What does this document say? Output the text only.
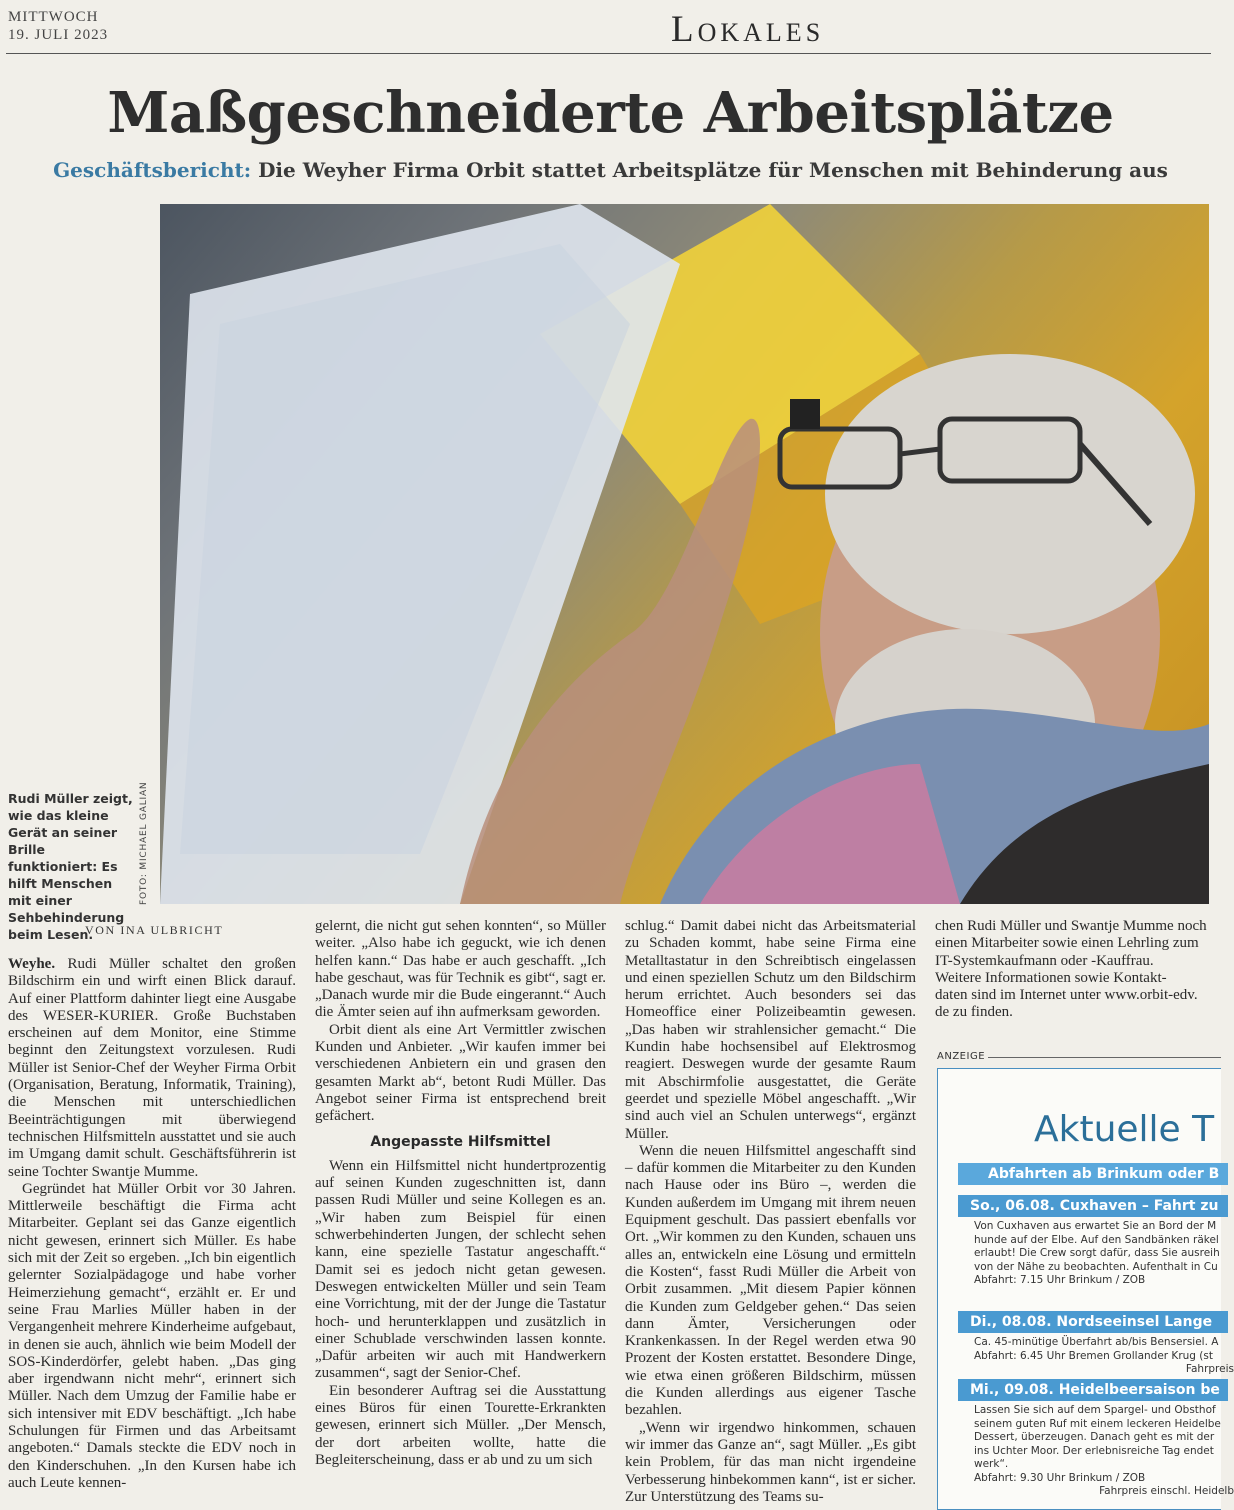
MITTWOCH
19. JULI 2023	Lokales
Maßgeschneiderte Arbeitsplätze
Geschäftsbericht: Die Weyher Firma Orbit stattet Arbeitsplätze für Menschen mit Behinderung aus
Rudi Müller zeigt, wie das kleine Gerät an seiner Brille funktioniert: Es hilft Menschen mit einer Sehbehinderung beim Lesen.
FOTO: MICHAEL GALIAN
VON INA ULBRICHT

Weyhe. Rudi Müller schaltet den großen Bildschirm ein und wirft einen Blick darauf. Auf einer Plattform dahinter liegt eine Ausgabe des WESER-KURIER. Große Buchstaben erscheinen auf dem Monitor, eine Stimme beginnt den Zeitungstext vorzulesen. Rudi Müller ist Senior-Chef der Weyher Firma Orbit (Organisation, Beratung, Informatik, Training), die Menschen mit unterschiedlichen Beeinträchtigungen mit überwiegend technischen Hilfsmitteln ausstattet und sie auch im Umgang damit schult. Geschäftsführerin ist seine Tochter Swantje Mumme.

Gegründet hat Müller Orbit vor 30 Jahren. Mittlerweile beschäftigt die Firma acht Mitarbeiter. Geplant sei das Ganze eigentlich nicht gewesen, erinnert sich Müller. Es habe sich mit der Zeit so ergeben. „Ich bin eigentlich gelernter Sozialpädagoge und habe vorher Heimerziehung gemacht“, erzählt er. Er und seine Frau Marlies Müller haben in der Vergangenheit mehrere Kinderheime aufgebaut, in denen sie auch, ähnlich wie beim Modell der SOS-Kinderdörfer, gelebt haben. „Das ging aber irgendwann nicht mehr“, erinnert sich Müller. Nach dem Umzug der Familie habe er sich intensiver mit EDV beschäftigt. „Ich habe Schulungen für Firmen und das Arbeitsamt angeboten.“ Damals steckte die EDV noch in den Kinderschuhen. „In den Kursen habe ich auch Leute kennen-

gelernt, die nicht gut sehen konnten“, so Müller weiter. „Also habe ich geguckt, wie ich denen helfen kann.“ Das habe er auch geschafft. „Ich habe geschaut, was für Technik es gibt“, sagt er. „Danach wurde mir die Bude eingerannt.“ Auch die Ämter seien auf ihn aufmerksam geworden.

Orbit dient als eine Art Vermittler zwischen Kunden und Anbieter. „Wir kaufen immer bei verschiedenen Anbietern ein und grasen den gesamten Markt ab“, betont Rudi Müller. Das Angebot seiner Firma ist entsprechend breit gefächert.

Angepasste Hilfsmittel

Wenn ein Hilfsmittel nicht hundertprozentig auf seinen Kunden zugeschnitten ist, dann passen Rudi Müller und seine Kollegen es an. „Wir haben zum Beispiel für einen schwerbehinderten Jungen, der schlecht sehen kann, eine spezielle Tastatur angeschafft.“ Damit sei es jedoch nicht getan gewesen. Deswegen entwickelten Müller und sein Team eine Vorrichtung, mit der der Junge die Tastatur hoch- und herunterklappen und zusätzlich in einer Schublade verschwinden lassen konnte. „Dafür arbeiten wir auch mit Handwerkern zusammen“, sagt der Senior-Chef.

Ein besonderer Auftrag sei die Ausstattung eines Büros für einen Tourette-Erkrankten gewesen, erinnert sich Müller. „Der Mensch, der dort arbeiten wollte, hatte die Begleiterscheinung, dass er ab und zu um sich

schlug.“ Damit dabei nicht das Arbeitsmaterial zu Schaden kommt, habe seine Firma eine Metalltastatur in den Schreibtisch eingelassen und einen speziellen Schutz um den Bildschirm herum errichtet. Auch besonders sei das Homeoffice einer Polizeibeamtin gewesen. „Das haben wir strahlensicher gemacht.“ Die Kundin habe hochsensibel auf Elektrosmog reagiert. Deswegen wurde der gesamte Raum mit Abschirmfolie ausgestattet, die Geräte geerdet und spezielle Möbel angeschafft. „Wir sind auch viel an Schulen unterwegs“, ergänzt Müller.

Wenn die neuen Hilfsmittel angeschafft sind – dafür kommen die Mitarbeiter zu den Kunden nach Hause oder ins Büro –, werden die Kunden außerdem im Umgang mit ihrem neuen Equipment geschult. Das passiert ebenfalls vor Ort. „Wir kommen zu den Kunden, schauen uns alles an, entwickeln eine Lösung und ermitteln die Kosten“, fasst Rudi Müller die Arbeit von Orbit zusammen. „Mit diesem Papier können die Kunden zum Geldgeber gehen.“ Das seien dann Ämter, Versicherungen oder Krankenkassen. In der Regel werden etwa 90 Prozent der Kosten erstattet. Besondere Dinge, wie etwa einen größeren Bildschirm, müssen die Kunden allerdings aus eigener Tasche bezahlen.

„Wenn wir irgendwo hinkommen, schauen wir immer das Ganze an“, sagt Müller. „Es gibt kein Problem, für das man nicht irgendeine Verbesserung hinbekommen kann“, ist er sicher. Zur Unterstützung des Teams su-

chen Rudi Müller und Swantje Mumme noch
einen Mitarbeiter sowie einen Lehrling zum
IT-Systemkaufmann oder -Kauffrau.
Weitere Informationen sowie Kontakt-
daten sind im Internet unter www.orbit-edv.
de zu finden.
ANZEIGE
Aktuelle T
Abfahrten ab Brinkum oder B
So., 06.08. Cuxhaven – Fahrt zu
Von Cuxhaven aus erwartet Sie an Bord der M
hunde auf der Elbe. Auf den Sandbänken räkel
erlaubt! Die Crew sorgt dafür, dass Sie ausreih
von der Nähe zu beobachten. Aufenthalt in Cu
Abfahrt: 7.15 Uhr Brinkum / ZOB
Di., 08.08. Nordseeinsel Lange
Ca. 45-minütige Überfahrt ab/bis Bensersiel. A
Abfahrt: 6.45 Uhr Bremen Grollander Krug (st
Fahrpreis
Mi., 09.08. Heidelbeersaison be
Lassen Sie sich auf dem Spargel- und Obsthof
seinem guten Ruf mit einem leckeren Heidelbe
Dessert, überzeugen. Danach geht es mit der
ins Uchter Moor. Der erlebnisreiche Tag endet
werk“.
Abfahrt: 9.30 Uhr Brinkum / ZOB
Fahrpreis einschl. Heidelb
